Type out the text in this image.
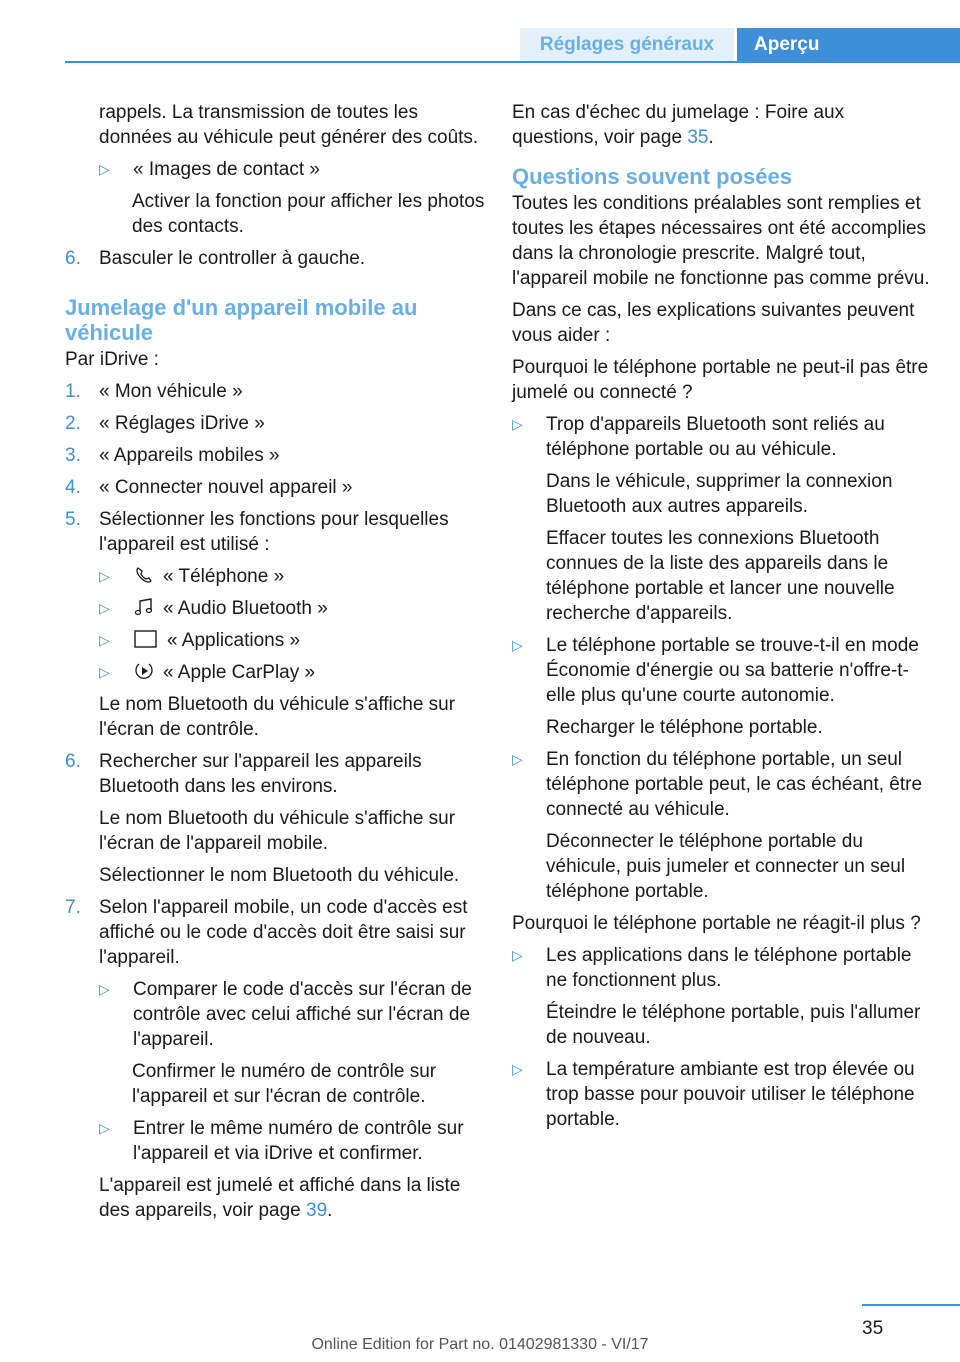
Réglages généraux	Aperçu

rappels. La transmission de toutes les données au véhicule peut générer des coûts.

▷	« Images de contact »

Activer la fonction pour afficher les photos des contacts.

6. Basculer le controller à gauche.
Jumelage d'un appareil mobile au véhicule

Par iDrive :

1. « Mon véhicule »
2. « Réglages iDrive »
3. « Appareils mobiles »
4. « Connecter nouvel appareil »
5. Sélectionner les fonctions pour lesquelles l'appareil est utilisé :
▷	« Téléphone »
▷	« Audio Bluetooth »
▷	« Applications »
▷	« Apple CarPlay »

Le nom Bluetooth du véhicule s'affiche sur l'écran de contrôle.

6. Rechercher sur l'appareil les appareils Bluetooth dans les environs.

Le nom Bluetooth du véhicule s'affiche sur l'écran de l'appareil mobile.

Sélectionner le nom Bluetooth du véhicule.

7. Selon l'appareil mobile, un code d'accès est affiché ou le code d'accès doit être saisi sur l'appareil.
▷	Comparer le code d'accès sur l'écran de contrôle avec celui affiché sur l'écran de l'appareil.

Confirmer le numéro de contrôle sur l'appareil et sur l'écran de contrôle.

▷	Entrer le même numéro de contrôle sur l'appareil et via iDrive et confirmer.

L'appareil est jumelé et affiché dans la liste des appareils, voir page 39.

En cas d'échec du jumelage : Foire aux questions, voir page 35.

Questions souvent posées

Toutes les conditions préalables sont remplies et toutes les étapes nécessaires ont été accomplies dans la chronologie prescrite. Malgré tout, l'appareil mobile ne fonctionne pas comme prévu.

Dans ce cas, les explications suivantes peuvent vous aider :

Pourquoi le téléphone portable ne peut-il pas être jumelé ou connecté ?

▷	Trop d'appareils Bluetooth sont reliés au téléphone portable ou au véhicule.

Dans le véhicule, supprimer la connexion Bluetooth aux autres appareils.

Effacer toutes les connexions Bluetooth connues de la liste des appareils dans le téléphone portable et lancer une nouvelle recherche d'appareils.

▷	Le téléphone portable se trouve-t-il en mode Économie d'énergie ou sa batterie n'offre-t-elle plus qu'une courte autonomie.

Recharger le téléphone portable.

▷	En fonction du téléphone portable, un seul téléphone portable peut, le cas échéant, être connecté au véhicule.

Déconnecter le téléphone portable du véhicule, puis jumeler et connecter un seul téléphone portable.

Pourquoi le téléphone portable ne réagit-il plus ?

▷	Les applications dans le téléphone portable ne fonctionnent plus.

Éteindre le téléphone portable, puis l'allumer de nouveau.

▷	La température ambiante est trop élevée ou trop basse pour pouvoir utiliser le téléphone portable.
35
Online Edition for Part no. 01402981330 - VI/17
